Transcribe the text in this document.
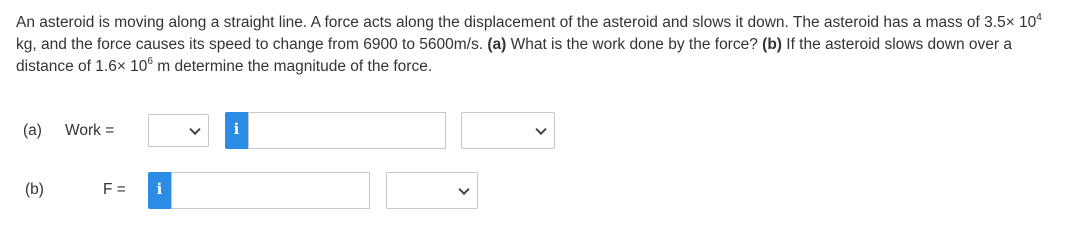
An asteroid is moving along a straight line. A force acts along the displacement of the asteroid and slows it down. The asteroid has a mass of $3.5\times 10^4$ kg, and the force causes its speed to change from 6900 to 5600m/s. (a) What is the work done by the force? (b) If the asteroid slows down over a distance of $1.6\times 10^6$ m determine the magnitude of the force.
(a) Work =	i
(b)	F =	i
